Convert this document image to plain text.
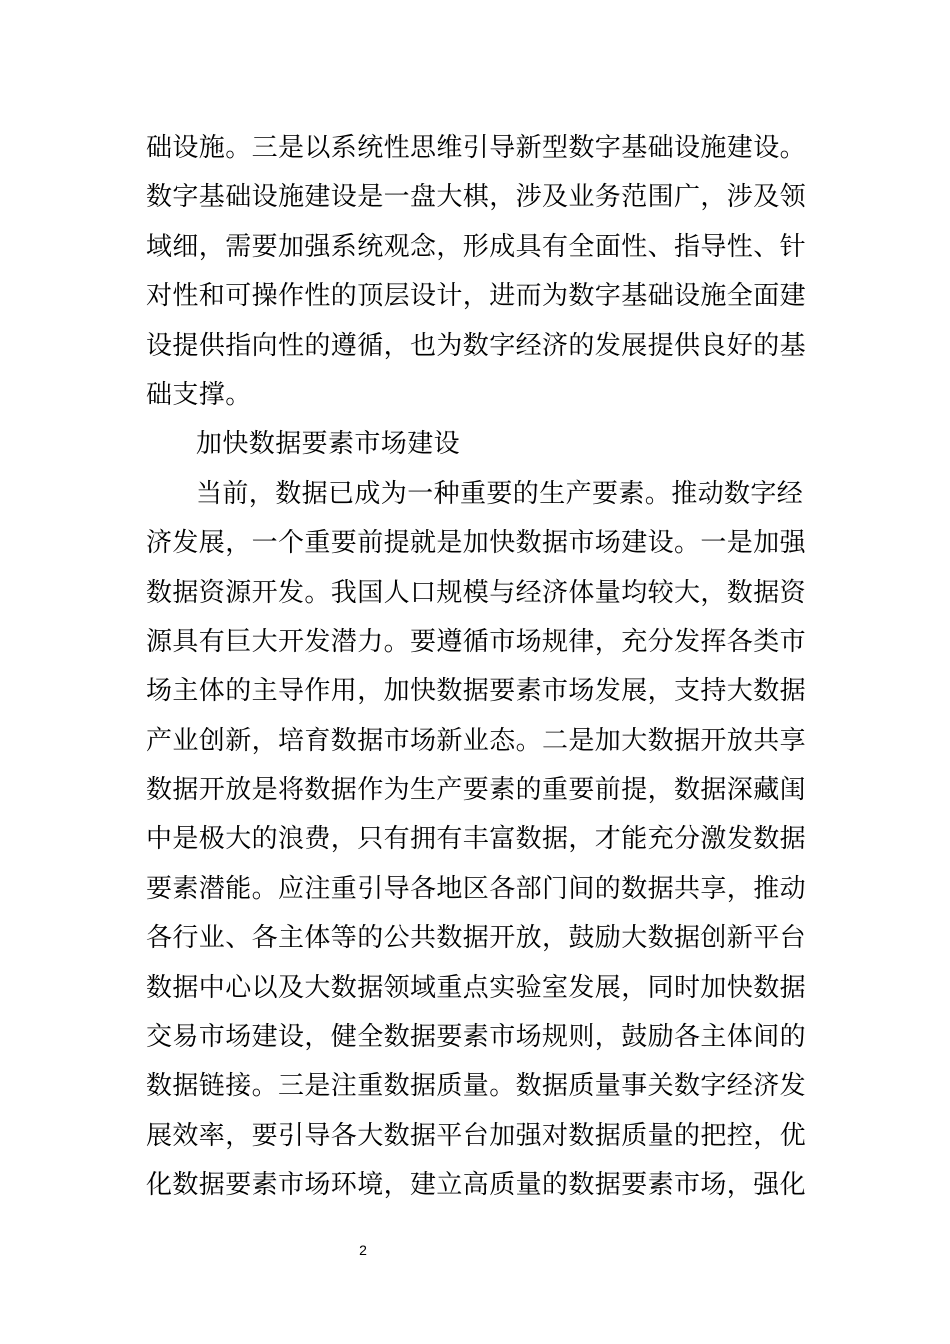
础设施。三是以系统性思维引导新型数字基础设施建设。
数字基础设施建设是一盘大棋，涉及业务范围广，涉及领
域细，需要加强系统观念，形成具有全面性、指导性、针
对性和可操作性的顶层设计，进而为数字基础设施全面建
设提供指向性的遵循，也为数字经济的发展提供良好的基
础支撑。
加快数据要素市场建设
当前，数据已成为一种重要的生产要素。推动数字经
济发展，一个重要前提就是加快数据市场建设。一是加强
数据资源开发。我国人口规模与经济体量均较大，数据资
源具有巨大开发潜力。要遵循市场规律，充分发挥各类市
场主体的主导作用，加快数据要素市场发展，支持大数据
产业创新，培育数据市场新业态。二是加大数据开放共享
数据开放是将数据作为生产要素的重要前提，数据深藏闺
中是极大的浪费，只有拥有丰富数据，才能充分激发数据
要素潜能。应注重引导各地区各部门间的数据共享，推动
各行业、各主体等的公共数据开放，鼓励大数据创新平台
数据中心以及大数据领域重点实验室发展，同时加快数据
交易市场建设，健全数据要素市场规则，鼓励各主体间的
数据链接。三是注重数据质量。数据质量事关数字经济发
展效率，要引导各大数据平台加强对数据质量的把控，优
化数据要素市场环境，建立高质量的数据要素市场，强化
2
